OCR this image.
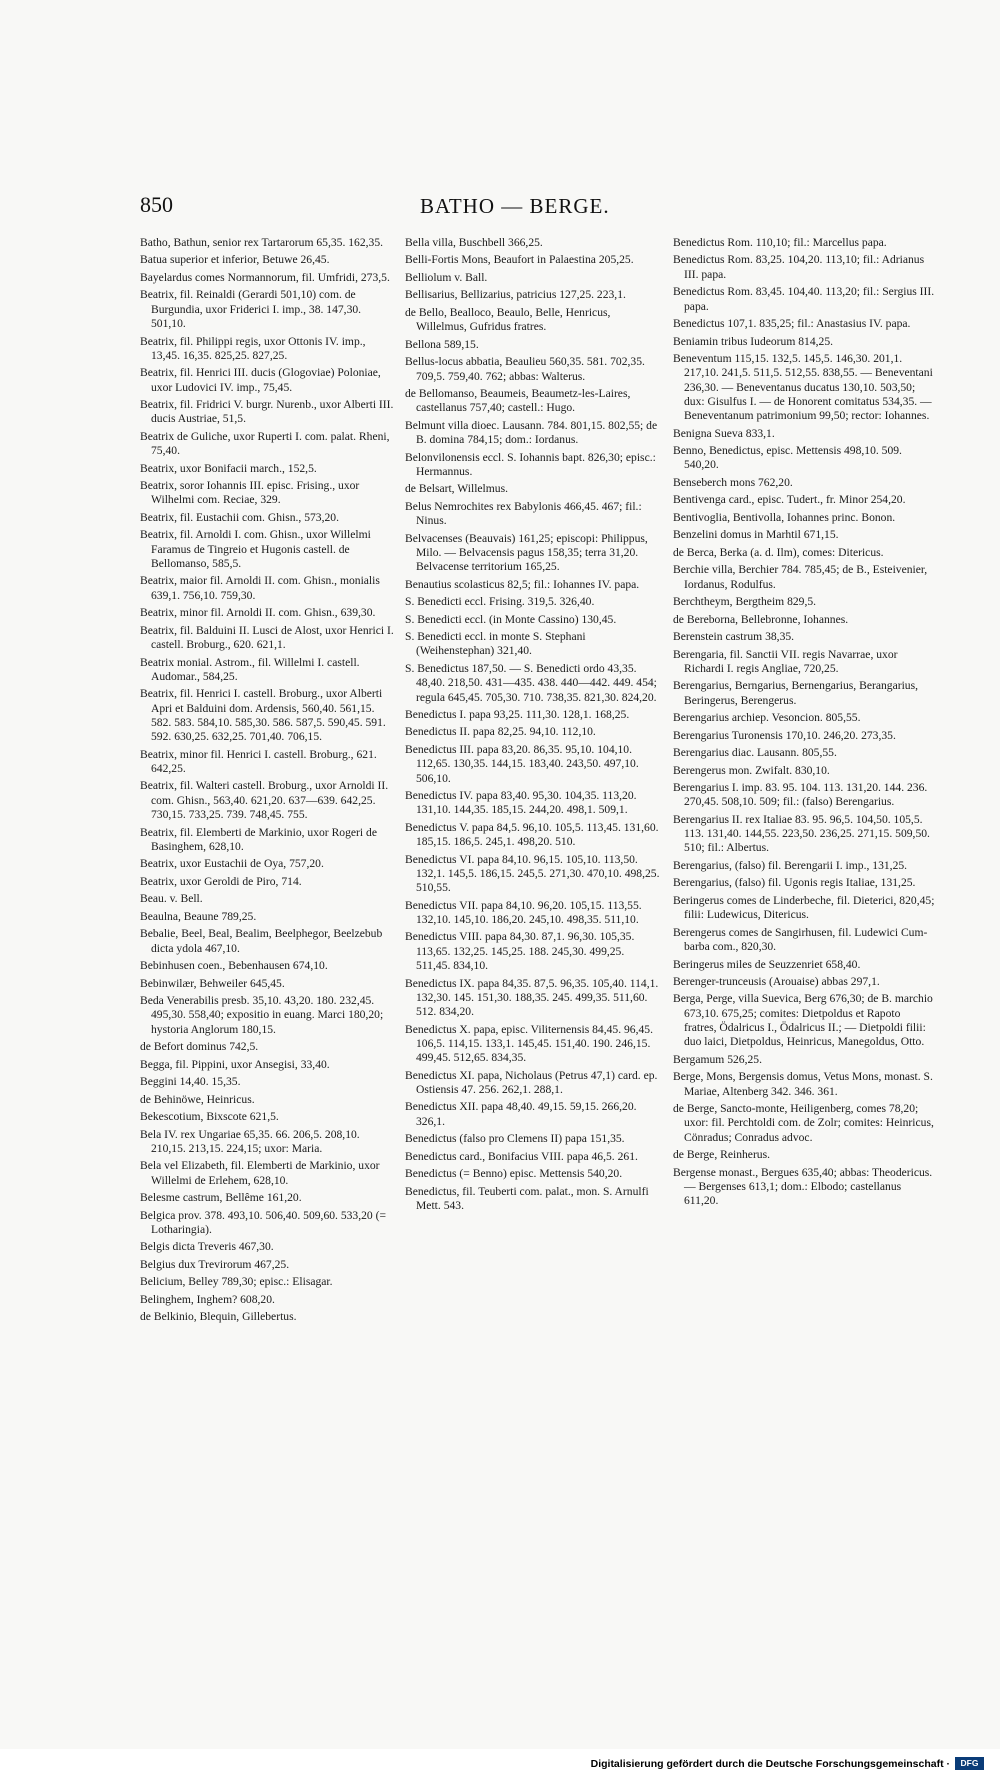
850	BATHO — BERGE.
Batho, Bathun, senior rex Tartarorum 65,35. 162,35.
Batua superior et inferior, Betuwe 26,45.
Bayelardus comes Normannorum, fil. Umfridi, 273,5.
Beatrix, fil. Reinaldi (Gerardi 501,10) com. de Burgundia, uxor Friderici I. imp., 38. 147,30. 501,10.
Beatrix, fil. Philippi regis, uxor Ottonis IV. imp., 13,45. 16,35. 825,25. 827,25.
Beatrix, fil. Henrici III. ducis (Glogoviae) Poloniae, uxor Ludovici IV. imp., 75,45.
Beatrix, fil. Fridrici V. burgr. Nurenb., uxor Alberti III. ducis Austriae, 51,5.
Beatrix de Guliche, uxor Ruperti I. com. palat. Rheni, 75,40.
Beatrix, uxor Bonifacii march., 152,5.
Beatrix, soror Iohannis III. episc. Frising., uxor Wilhelmi com. Reciae, 329.
Beatrix, fil. Eustachii com. Ghisn., 573,20.
Beatrix, fil. Arnoldi I. com. Ghisn., uxor Willelmi Faramus de Tingreio et Hugonis castell. de Bellomanso, 585,5.
Beatrix, maior fil. Arnoldi II. com. Ghisn., monialis 639,1. 756,10. 759,30.
Beatrix, minor fil. Arnoldi II. com. Ghisn., 639,30.
Beatrix, fil. Balduini II. Lusci de Alost, uxor Henrici I. castell. Broburg., 620. 621,1.
Beatrix monial. Astrom., fil. Willelmi I. castell. Audomar., 584,25.
Beatrix, fil. Henrici I. castell. Broburg., uxor Alberti Apri et Balduini dom. Ardensis, 560,40. 561,15. 582. 583. 584,10. 585,30. 586. 587,5. 590,45. 591. 592. 630,25. 632,25. 701,40. 706,15.
Beatrix, minor fil. Henrici I. castell. Broburg., 621. 642,25.
Beatrix, fil. Walteri castell. Broburg., uxor Arnoldi II. com. Ghisn., 563,40. 621,20. 637—639. 642,25. 730,15. 733,25. 739. 748,45. 755.
Beatrix, fil. Elemberti de Markinio, uxor Rogeri de Basinghem, 628,10.
Beatrix, uxor Eustachii de Oya, 757,20.
Beatrix, uxor Geroldi de Piro, 714.
Beau. v. Bell.
Beaulna, Beaune 789,25.
Bebalie, Beel, Beal, Bealim, Beelphegor, Beelzebub dicta ydola 467,10.
Bebinhusen coen., Bebenhausen 674,10.
Bebinwilær, Behweiler 645,45.
Beda Venerabilis presb. 35,10. 43,20. 180. 232,45. 495,30. 558,40; expositio in euang. Marci 180,20; hystoria Anglorum 180,15.
de Befort dominus 742,5.
Begga, fil. Pippini, uxor Ansegisi, 33,40.
Beggini 14,40. 15,35.
de Behinöwe, Heinricus.
Bekescotium, Bixscote 621,5.
Bela IV. rex Ungariae 65,35. 66. 206,5. 208,10. 210,15. 213,15. 224,15; uxor: Maria.
Bela vel Elizabeth, fil. Elemberti de Markinio, uxor Willelmi de Erlehem, 628,10.
Belesme castrum, Bellême 161,20.
Belgica prov. 378. 493,10. 506,40. 509,60. 533,20 (= Lotharingia).
Belgis dicta Treveris 467,30.
Belgius dux Trevirorum 467,25.
Belicium, Belley 789,30; episc.: Elisagar.
Belinghem, Inghem? 608,20.
de Belkinio, Blequin, Gillebertus.
Bella villa, Buschbell 366,25.
Belli-Fortis Mons, Beaufort in Palaestina 205,25.
Belliolum v. Ball.
Bellisarius, Bellizarius, patricius 127,25. 223,1.
de Bello, Bealloco, Beaulo, Belle, Henricus, Willelmus, Gufridus fratres.
Bellona 589,15.
Bellus-locus abbatia, Beaulieu 560,35. 581. 702,35. 709,5. 759,40. 762; abbas: Walterus.
de Bellomanso, Beaumeis, Beaumetz-les-Laires, castellanus 757,40; castell.: Hugo.
Belmunt villa dioec. Lausann. 784. 801,15. 802,55; de B. domina 784,15; dom.: Iordanus.
Belonvilonensis eccl. S. Iohannis bapt. 826,30; episc.: Hermannus.
de Belsart, Willelmus.
Belus Nemrochites rex Babylonis 466,45. 467; fil.: Ninus.
Belvacenses (Beauvais) 161,25; episcopi: Philippus, Milo. — Belvacensis pagus 158,35; terra 31,20. Belvacense territorium 165,25.
Benautius scolasticus 82,5; fil.: Iohannes IV. papa.
S. Benedicti eccl. Frising. 319,5. 326,40.
S. Benedicti eccl. (in Monte Cassino) 130,45.
S. Benedicti eccl. in monte S. Stephani (Weihenstephan) 321,40.
S. Benedictus 187,50. — S. Benedicti ordo 43,35. 48,40. 218,50. 431—435. 438. 440—442. 449. 454; regula 645,45. 705,30. 710. 738,35. 821,30. 824,20.
Benedictus I. papa 93,25. 111,30. 128,1. 168,25.
Benedictus II. papa 82,25. 94,10. 112,10.
Benedictus III. papa 83,20. 86,35. 95,10. 104,10. 112,65. 130,35. 144,15. 183,40. 243,50. 497,10. 506,10.
Benedictus IV. papa 83,40. 95,30. 104,35. 113,20. 131,10. 144,35. 185,15. 244,20. 498,1. 509,1.
Benedictus V. papa 84,5. 96,10. 105,5. 113,45. 131,60. 185,15. 186,5. 245,1. 498,20. 510.
Benedictus VI. papa 84,10. 96,15. 105,10. 113,50. 132,1. 145,5. 186,15. 245,5. 271,30. 470,10. 498,25. 510,55.
Benedictus VII. papa 84,10. 96,20. 105,15. 113,55. 132,10. 145,10. 186,20. 245,10. 498,35. 511,10.
Benedictus VIII. papa 84,30. 87,1. 96,30. 105,35. 113,65. 132,25. 145,25. 188. 245,30. 499,25. 511,45. 834,10.
Benedictus IX. papa 84,35. 87,5. 96,35. 105,40. 114,1. 132,30. 145. 151,30. 188,35. 245. 499,35. 511,60. 512. 834,20.
Benedictus X. papa, episc. Viliternensis 84,45. 96,45. 106,5. 114,15. 133,1. 145,45. 151,40. 190. 246,15. 499,45. 512,65. 834,35.
Benedictus XI. papa, Nicholaus (Petrus 47,1) card. ep. Ostiensis 47. 256. 262,1. 288,1.
Benedictus XII. papa 48,40. 49,15. 59,15. 266,20. 326,1.
Benedictus (falso pro Clemens II) papa 151,35.
Benedictus card., Bonifacius VIII. papa 46,5. 261.
Benedictus (= Benno) episc. Mettensis 540,20.
Benedictus, fil. Teuberti com. palat., mon. S. Arnulfi Mett. 543.
Benedictus Rom. 110,10; fil.: Marcellus papa.
Benedictus Rom. 83,25. 104,20. 113,10; fil.: Adrianus III. papa.
Benedictus Rom. 83,45. 104,40. 113,20; fil.: Sergius III. papa.
Benedictus 107,1. 835,25; fil.: Anastasius IV. papa.
Beniamin tribus Iudeorum 814,25.
Beneventum 115,15. 132,5. 145,5. 146,30. 201,1. 217,10. 241,5. 511,5. 512,55. 838,55. — Beneventani 236,30. — Beneventanus ducatus 130,10. 503,50; dux: Gisulfus I. — de Honorent comitatus 534,35. — Beneventanum patrimonium 99,50; rector: Iohannes.
Benigna Sueva 833,1.
Benno, Benedictus, episc. Mettensis 498,10. 509. 540,20.
Benseberch mons 762,20.
Bentivenga card., episc. Tudert., fr. Minor 254,20.
Bentivoglia, Bentivolla, Iohannes princ. Bonon.
Benzelini domus in Marhtil 671,15.
de Berca, Berka (a. d. Ilm), comes: Ditericus.
Berchie villa, Berchier 784. 785,45; de B., Esteivenier, Iordanus, Rodulfus.
Berchtheym, Bergtheim 829,5.
de Bereborna, Bellebronne, Iohannes.
Berenstein castrum 38,35.
Berengaria, fil. Sanctii VII. regis Navarrae, uxor Richardi I. regis Angliae, 720,25.
Berengarius, Berngarius, Bernengarius, Berangarius, Beringerus, Berengerus.
Berengarius archiep. Vesoncion. 805,55.
Berengarius Turonensis 170,10. 246,20. 273,35.
Berengarius diac. Lausann. 805,55.
Berengerus mon. Zwifalt. 830,10.
Berengarius I. imp. 83. 95. 104. 113. 131,20. 144. 236. 270,45. 508,10. 509; fil.: (falso) Berengarius.
Berengarius II. rex Italiae 83. 95. 96,5. 104,50. 105,5. 113. 131,40. 144,55. 223,50. 236,25. 271,15. 509,50. 510; fil.: Albertus.
Berengarius, (falso) fil. Berengarii I. imp., 131,25.
Berengarius, (falso) fil. Ugonis regis Italiae, 131,25.
Beringerus comes de Linderbeche, fil. Dieterici, 820,45; filii: Ludewicus, Ditericus.
Berengerus comes de Sangirhusen, fil. Ludewici Cum-barba com., 820,30.
Beringerus miles de Seuzzenriet 658,40.
Berenger-trunceusis (Arouaise) abbas 297,1.
Berga, Perge, villa Suevica, Berg 676,30; de B. marchio 673,10. 675,25; comites: Dietpoldus et Rapoto fratres, Ödalricus I., Ödalricus II.; — Dietpoldi filii: duo laici, Dietpoldus, Heinricus, Manegoldus, Otto.
Bergamum 526,25.
Berge, Mons, Bergensis domus, Vetus Mons, monast. S. Mariae, Altenberg 342. 346. 361.
de Berge, Sancto-monte, Heiligenberg, comes 78,20; uxor: fil. Perchtoldi com. de Zolr; comites: Heinricus, Cönradus; Conradus advoc.
de Berge, Reinherus.
Bergense monast., Bergues 635,40; abbas: Theodericus. — Bergenses 613,1; dom.: Elbodo; castellanus 611,20.
Digitalisierung gefördert durch die Deutsche Forschungsgemeinschaft ·	DFG
